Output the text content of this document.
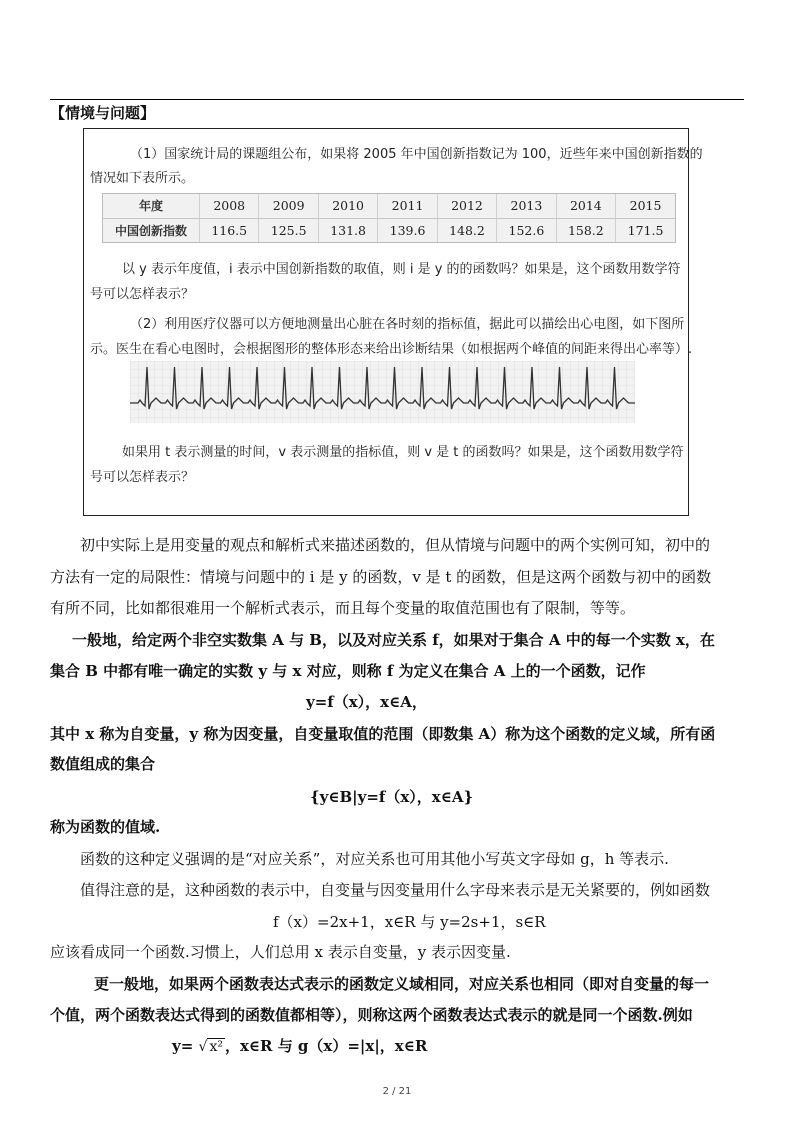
【情境与问题】
（1）国家统计局的课题组公布，如果将 2005 年中国创新指数记为 100，近些年来中国创新指数的
情况如下表所示。
年度	2008	2009	2010	2011	2012	2013	2014	2015
中国创新指数	116.5	125.5	131.8	139.6	148.2	152.6	158.2	171.5
以 y 表示年度值，i 表示中国创新指数的取值，则 i 是 y 的的函数吗？如果是，这个函数用数学符
号可以怎样表示？
（2）利用医疗仪器可以方便地测量出心脏在各时刻的指标值，据此可以描绘出心电图，如下图所
示。医生在看心电图时，会根据图形的整体形态来给出诊断结果（如根据两个峰值的间距来得出心率等）.
如果用 t 表示测量的时间，v 表示测量的指标值，则 v 是 t 的函数吗？如果是，这个函数用数学符
号可以怎样表示？
初中实际上是用变量的观点和解析式来描述函数的，但从情境与问题中的两个实例可知，初中的
方法有一定的局限性：情境与问题中的 i 是 y 的函数，v 是 t 的函数，但是这两个函数与初中的函数
有所不同，比如都很难用一个解析式表示，而且每个变量的取值范围也有了限制，等等。
一般地，给定两个非空实数集 A 与 B，以及对应关系 f，如果对于集合 A 中的每一个实数 x，在
集合 B 中都有唯一确定的实数 y 与 x 对应，则称 f 为定义在集合 A 上的一个函数，记作
y=f（x），x∈A，
其中 x 称为自变量，y 称为因变量，自变量取值的范围（即数集 A）称为这个函数的定义域，所有函
数值组成的集合
{y∈B|y=f（x），x∈A}
称为函数的值域.
函数的这种定义强调的是“对应关系”，对应关系也可用其他小写英文字母如 g，h 等表示.
值得注意的是，这种函数的表示中，自变量与因变量用什么字母来表示是无关紧要的，例如函数
f（x）=2x+1，x∈R 与 y=2s+1，s∈R
应该看成同一个函数.习惯上，人们总用 x 表示自变量，y 表示因变量.
更一般地，如果两个函数表达式表示的函数定义域相同，对应关系也相同（即对自变量的每一
个值，两个函数表达式得到的函数值都相等），则称这两个函数表达式表示的就是同一个函数.例如
y= √ x² ，x∈R 与 g（x）=|x|，x∈R
2 / 21
